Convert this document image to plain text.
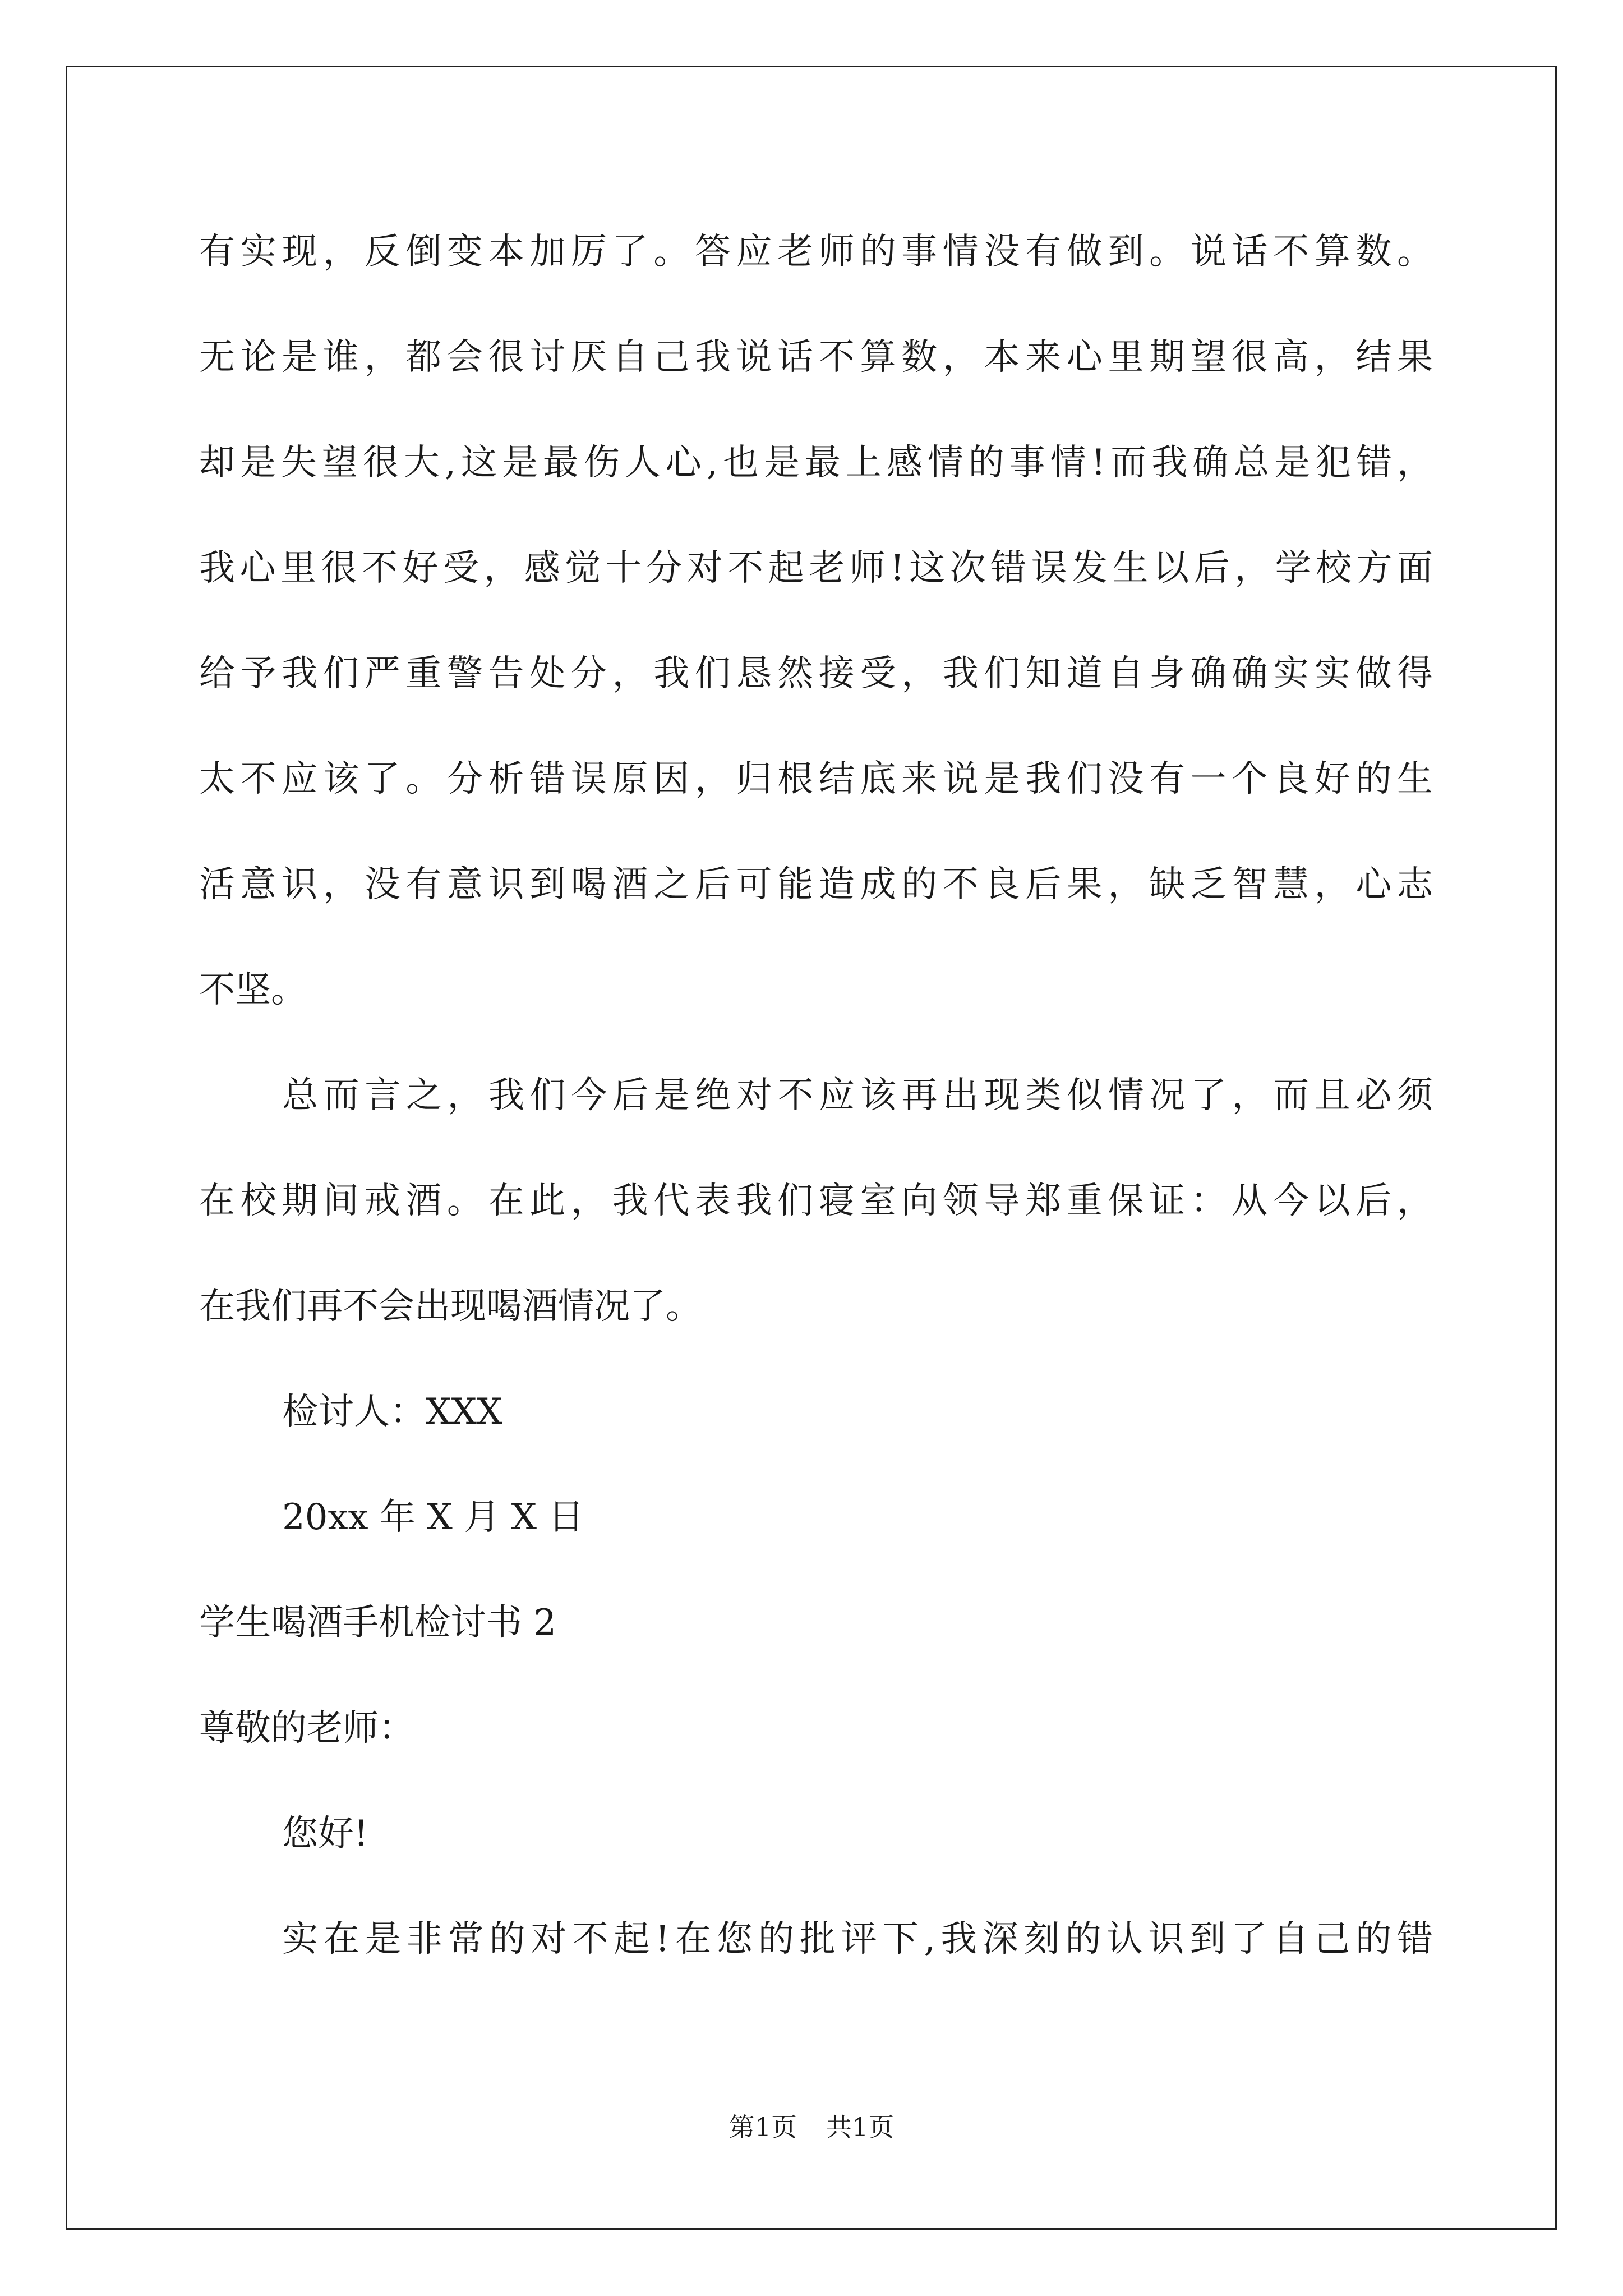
有实现，反倒变本加厉了。答应老师的事情没有做到。说话不算数。
无论是谁，都会很讨厌自己我说话不算数，本来心里期望很高，结果
却是失望很大,这是最伤人心,也是最上感情的事情!而我确总是犯错，
我心里很不好受，感觉十分对不起老师!这次错误发生以后，学校方面
给予我们严重警告处分，我们恳然接受，我们知道自身确确实实做得
太不应该了。分析错误原因，归根结底来说是我们没有一个良好的生
活意识，没有意识到喝酒之后可能造成的不良后果，缺乏智慧，心志
不坚。
总而言之，我们今后是绝对不应该再出现类似情况了，而且必须
在校期间戒酒。在此，我代表我们寝室向领导郑重保证：从今以后，
在我们再不会出现喝酒情况了。
检讨人：XXX
20xx 年 X 月 X 日
学生喝酒手机检讨书 2
尊敬的老师：
您好!
实在是非常的对不起!在您的批评下,我深刻的认识到了自己的错
第1页 共1页
